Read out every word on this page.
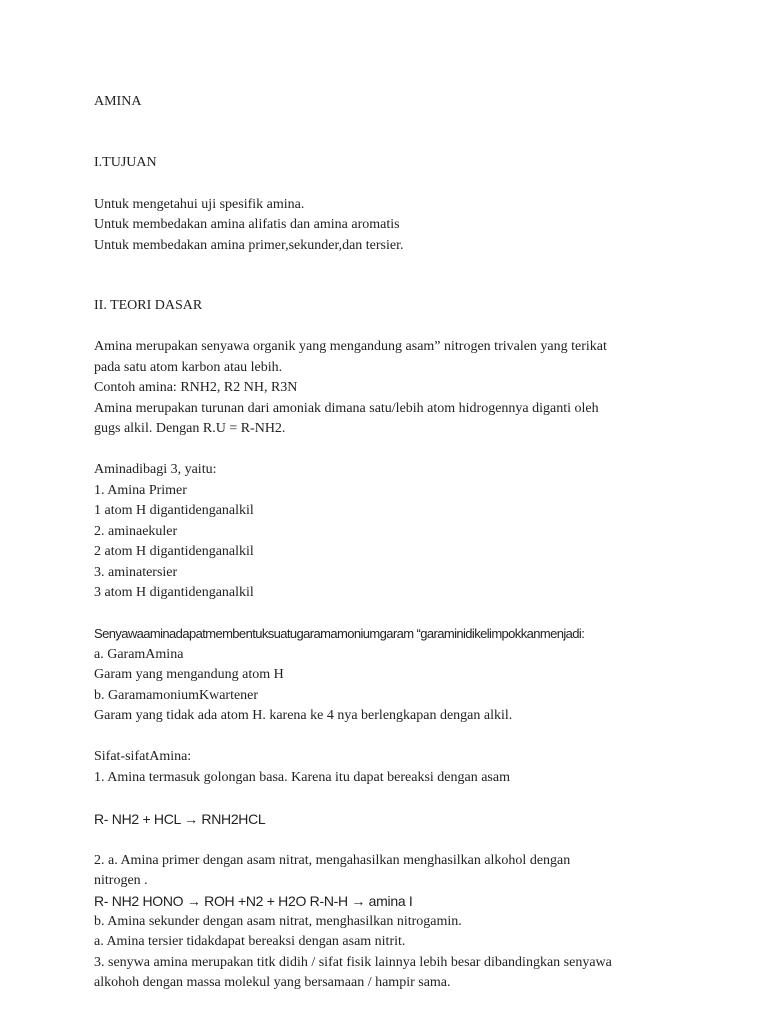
AMINA
I.TUJUAN
Untuk mengetahui uji spesifik amina.
Untuk membedakan amina alifatis dan amina aromatis
Untuk membedakan amina primer,sekunder,dan tersier.
II. TEORI DASAR
Amina merupakan senyawa organik yang mengandung asam” nitrogen trivalen yang terikat
pada satu atom karbon atau lebih.
Contoh amina: RNH2, R2 NH, R3N
Amina merupakan turunan dari amoniak dimana satu/lebih atom hidrogennya diganti oleh
gugs alkil. Dengan R.U = R-NH2.
Aminadibagi 3, yaitu:
1. Amina Primer
1 atom H digantidenganalkil
2. aminaekuler
2 atom H digantidenganalkil
3. aminatersier
3 atom H digantidenganalkil
Senyawaaminadapatmembentuksuatugaramamoniumgaram “garaminidikelimpokkanmenjadi:
a. GaramAmina
Garam yang mengandung atom H
b. GaramamoniumKwartener
Garam yang tidak ada atom H. karena ke 4 nya berlengkapan dengan alkil.
Sifat-sifatAmina:
1. Amina termasuk golongan basa. Karena itu dapat bereaksi dengan asam
R- NH2 + HCL → RNH2HCL
2. a. Amina primer dengan asam nitrat, mengahasilkan menghasilkan alkohol dengan
nitrogen .
R- NH2 HONO → ROH +N2 + H2O R-N-H → amina I
b. Amina sekunder dengan asam nitrat, menghasilkan nitrogamin.
a. Amina tersier tidakdapat bereaksi dengan asam nitrit.
3. senywa amina merupakan titk didih / sifat fisik lainnya lebih besar dibandingkan senyawa
alkohoh dengan massa molekul yang bersamaan / hampir sama.
